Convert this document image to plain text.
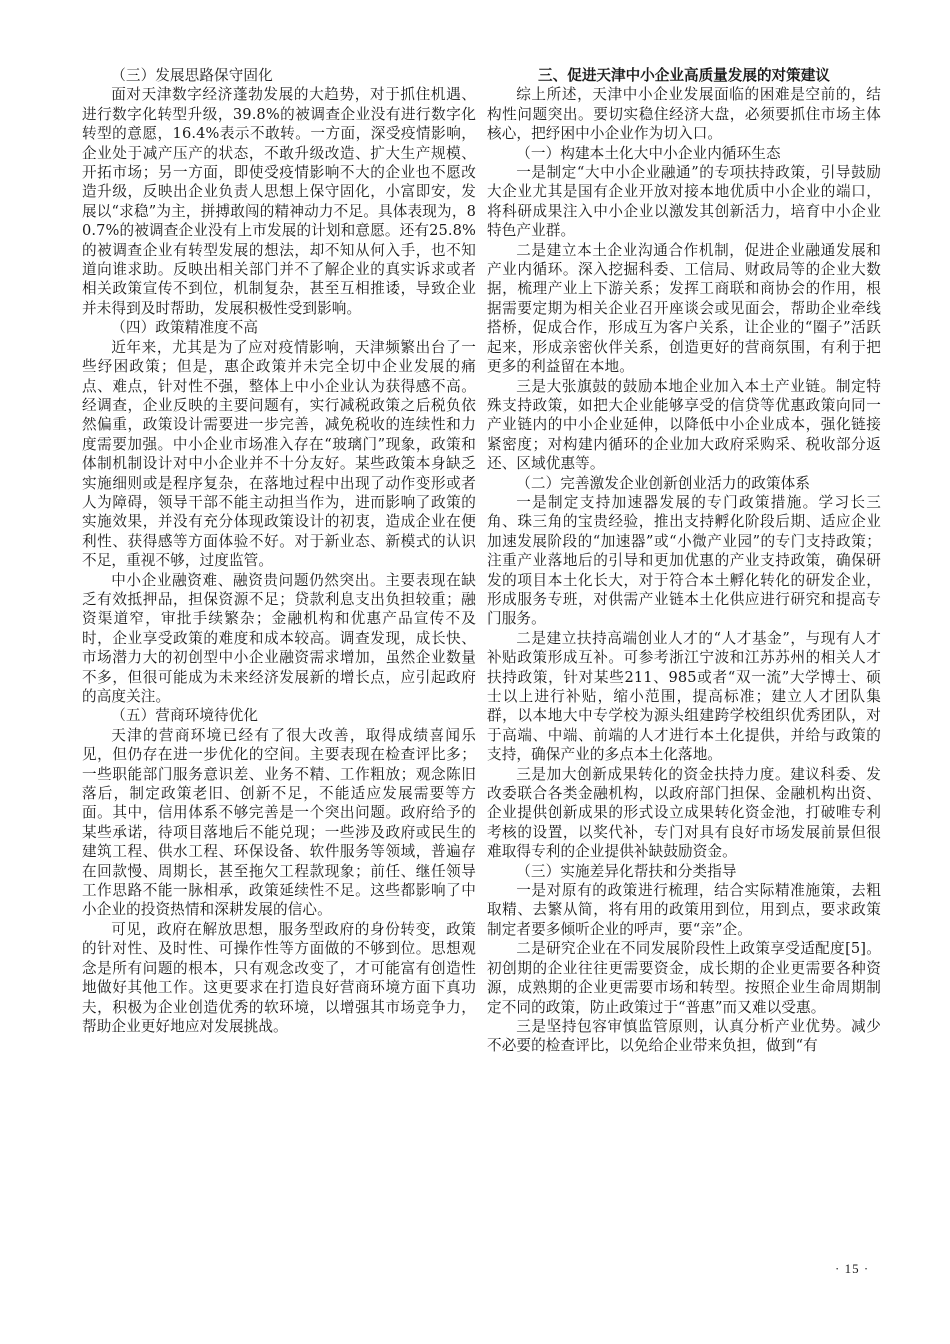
（三）发展思路保守固化

面对天津数字经济蓬勃发展的大趋势，对于抓住机遇、进行数字化转型升级，39.8%的被调查企业没有进行数字化转型的意愿，16.4%表示不敢转。一方面，深受疫情影响，企业处于减产压产的状态，不敢升级改造、扩大生产规模、开拓市场；另一方面，即使受疫情影响不大的企业也不愿改造升级，反映出企业负责人思想上保守固化，小富即安，发展以“求稳”为主，拼搏敢闯的精神动力不足。具体表现为，80.7%的被调查企业没有上市发展的计划和意愿。还有25.8%的被调查企业有转型发展的想法，却不知从何入手，也不知道向谁求助。反映出相关部门并不了解企业的真实诉求或者相关政策宣传不到位，机制复杂，甚至互相推诿，导致企业并未得到及时帮助，发展积极性受到影响。

（四）政策精准度不高

近年来，尤其是为了应对疫情影响，天津频繁出台了一些纾困政策；但是，惠企政策并未完全切中企业发展的痛点、难点，针对性不强，整体上中小企业认为获得感不高。经调查，企业反映的主要问题有，实行减税政策之后税负依然偏重，政策设计需要进一步完善，减免税收的连续性和力度需要加强。中小企业市场准入存在“玻璃门”现象，政策和体制机制设计对中小企业并不十分友好。某些政策本身缺乏实施细则或是程序复杂，在落地过程中出现了动作变形或者人为障碍，领导干部不能主动担当作为，进而影响了政策的实施效果，并没有充分体现政策设计的初衷，造成企业在便利性、获得感等方面体验不好。对于新业态、新模式的认识不足，重视不够，过度监管。

中小企业融资难、融资贵问题仍然突出。主要表现在缺乏有效抵押品，担保资源不足；贷款利息支出负担较重；融资渠道窄，审批手续繁杂；金融机构和优惠产品宣传不及时，企业享受政策的难度和成本较高。调查发现，成长快、市场潜力大的初创型中小企业融资需求增加，虽然企业数量不多，但很可能成为未来经济发展新的增长点，应引起政府的高度关注。

（五）营商环境待优化

天津的营商环境已经有了很大改善，取得成绩喜闻乐见，但仍存在进一步优化的空间。主要表现在检查评比多；一些职能部门服务意识差、业务不精、工作粗放；观念陈旧落后，制定政策老旧、创新不足，不能适应发展需要等方面。其中，信用体系不够完善是一个突出问题。政府给予的某些承诺，待项目落地后不能兑现；一些涉及政府或民生的建筑工程、供水工程、环保设备、软件服务等领域，普遍存在回款慢、周期长，甚至拖欠工程款现象；前任、继任领导工作思路不能一脉相承，政策延续性不足。这些都影响了中小企业的投资热情和深耕发展的信心。

可见，政府在解放思想，服务型政府的身份转变，政策的针对性、及时性、可操作性等方面做的不够到位。思想观念是所有问题的根本，只有观念改变了，才可能富有创造性地做好其他工作。这更要求在打造良好营商环境方面下真功夫，积极为企业创造优秀的软环境，以增强其市场竞争力，帮助企业更好地应对发展挑战。

三、促进天津中小企业高质量发展的对策建议

综上所述，天津中小企业发展面临的困难是空前的，结构性问题突出。要切实稳住经济大盘，必须要抓住市场主体核心，把纾困中小企业作为切入口。

（一）构建本土化大中小企业内循环生态

一是制定“大中小企业融通”的专项扶持政策，引导鼓励大企业尤其是国有企业开放对接本地优质中小企业的端口，将科研成果注入中小企业以激发其创新活力，培育中小企业特色产业群。

二是建立本土企业沟通合作机制，促进企业融通发展和产业内循环。深入挖掘科委、工信局、财政局等的企业大数据，梳理产业上下游关系；发挥工商联和商协会的作用，根据需要定期为相关企业召开座谈会或见面会，帮助企业牵线搭桥，促成合作，形成互为客户关系，让企业的“圈子”活跃起来，形成亲密伙伴关系，创造更好的营商氛围，有利于把更多的利益留在本地。

三是大张旗鼓的鼓励本地企业加入本土产业链。制定特殊支持政策，如把大企业能够享受的信贷等优惠政策向同一产业链内的中小企业延伸，以降低中小企业成本，强化链接紧密度；对构建内循环的企业加大政府采购采、税收部分返还、区域优惠等。

（二）完善激发企业创新创业活力的政策体系

一是制定支持加速器发展的专门政策措施。学习长三角、珠三角的宝贵经验，推出支持孵化阶段后期、适应企业加速发展阶段的“加速器”或“小微产业园”的专门支持政策；注重产业落地后的引导和更加优惠的产业支持政策，确保研发的项目本土化长大，对于符合本土孵化转化的研发企业，形成服务专班，对供需产业链本土化供应进行研究和提高专门服务。

二是建立扶持高端创业人才的“人才基金”，与现有人才补贴政策形成互补。可参考浙江宁波和江苏苏州的相关人才扶持政策，针对某些211、985或者“双一流”大学博士、硕士以上进行补贴，缩小范围，提高标准；建立人才团队集群，以本地大中专学校为源头组建跨学校组织优秀团队，对于高端、中端、前端的人才进行本土化提供，并给与政策的支持，确保产业的多点本土化落地。

三是加大创新成果转化的资金扶持力度。建议科委、发改委联合各类金融机构，以政府部门担保、金融机构出资、企业提供创新成果的形式设立成果转化资金池，打破唯专利考核的设置，以奖代补，专门对具有良好市场发展前景但很难取得专利的企业提供补缺鼓励资金。

（三）实施差异化帮扶和分类指导

一是对原有的政策进行梳理，结合实际精准施策，去粗取精、去繁从简，将有用的政策用到位，用到点，要求政策制定者要多倾听企业的呼声，要“亲”企。

二是研究企业在不同发展阶段性上政策享受适配度[5]。初创期的企业往往更需要资金，成长期的企业更需要各种资源，成熟期的企业更需要市场和转型。按照企业生命周期制定不同的政策，防止政策过于“普惠”而又难以受惠。

三是坚持包容审慎监管原则，认真分析产业优势。减少不必要的检查评比，以免给企业带来负担，做到“有

· 15 ·
